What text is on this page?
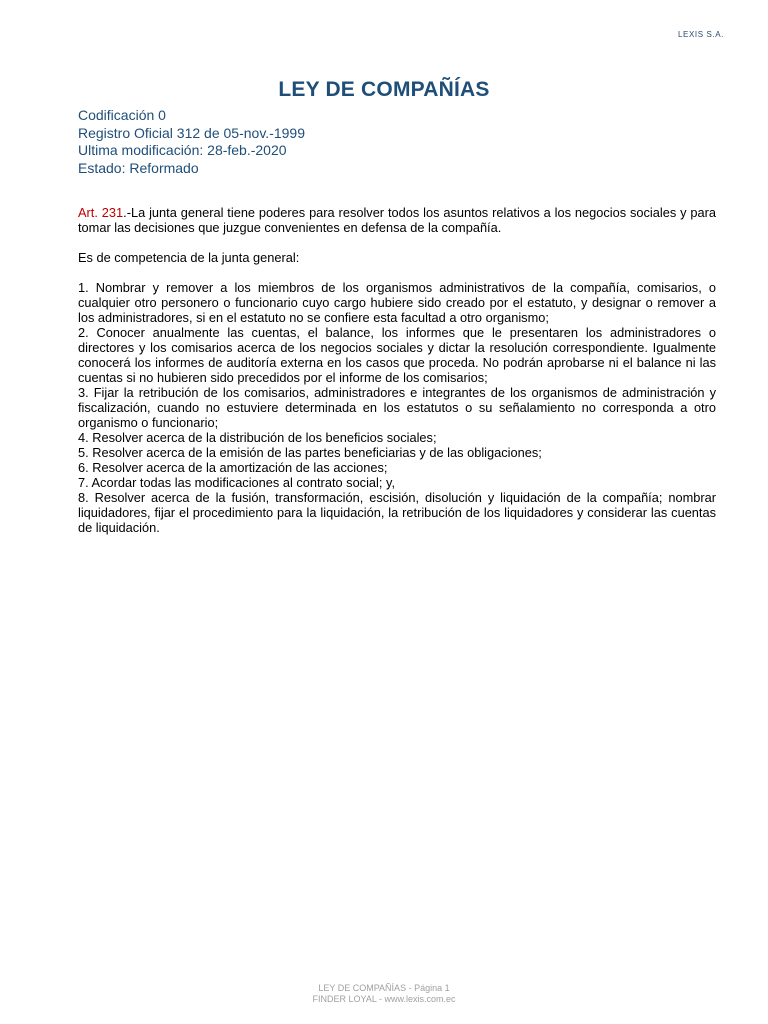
LEXIS S.A.
LEY DE COMPAÑÍAS
Codificación 0
Registro Oficial 312 de 05-nov.-1999
Ultima modificación: 28-feb.-2020
Estado: Reformado

Art. 231.-La junta general tiene poderes para resolver todos los asuntos relativos a los negocios sociales y para tomar las decisiones que juzgue convenientes en defensa de la compañía.

Es de competencia de la junta general:

1. Nombrar y remover a los miembros de los organismos administrativos de la compañía, comisarios, o cualquier otro personero o funcionario cuyo cargo hubiere sido creado por el estatuto, y designar o remover a los administradores, si en el estatuto no se confiere esta facultad a otro organismo;

2. Conocer anualmente las cuentas, el balance, los informes que le presentaren los administradores o directores y los comisarios acerca de los negocios sociales y dictar la resolución correspondiente. Igualmente conocerá los informes de auditoría externa en los casos que proceda. No podrán aprobarse ni el balance ni las cuentas si no hubieren sido precedidos por el informe de los comisarios;

3. Fijar la retribución de los comisarios, administradores e integrantes de los organismos de administración y fiscalización, cuando no estuviere determinada en los estatutos o su señalamiento no corresponda a otro organismo o funcionario;

4. Resolver acerca de la distribución de los beneficios sociales;

5. Resolver acerca de la emisión de las partes beneficiarias y de las obligaciones;

6. Resolver acerca de la amortización de las acciones;

7. Acordar todas las modificaciones al contrato social; y,

8. Resolver acerca de la fusión, transformación, escisión, disolución y liquidación de la compañía; nombrar liquidadores, fijar el procedimiento para la liquidación, la retribución de los liquidadores y considerar las cuentas de liquidación.

LEY DE COMPAÑÍAS - Página 1
FINDER LOYAL - www.lexis.com.ec
